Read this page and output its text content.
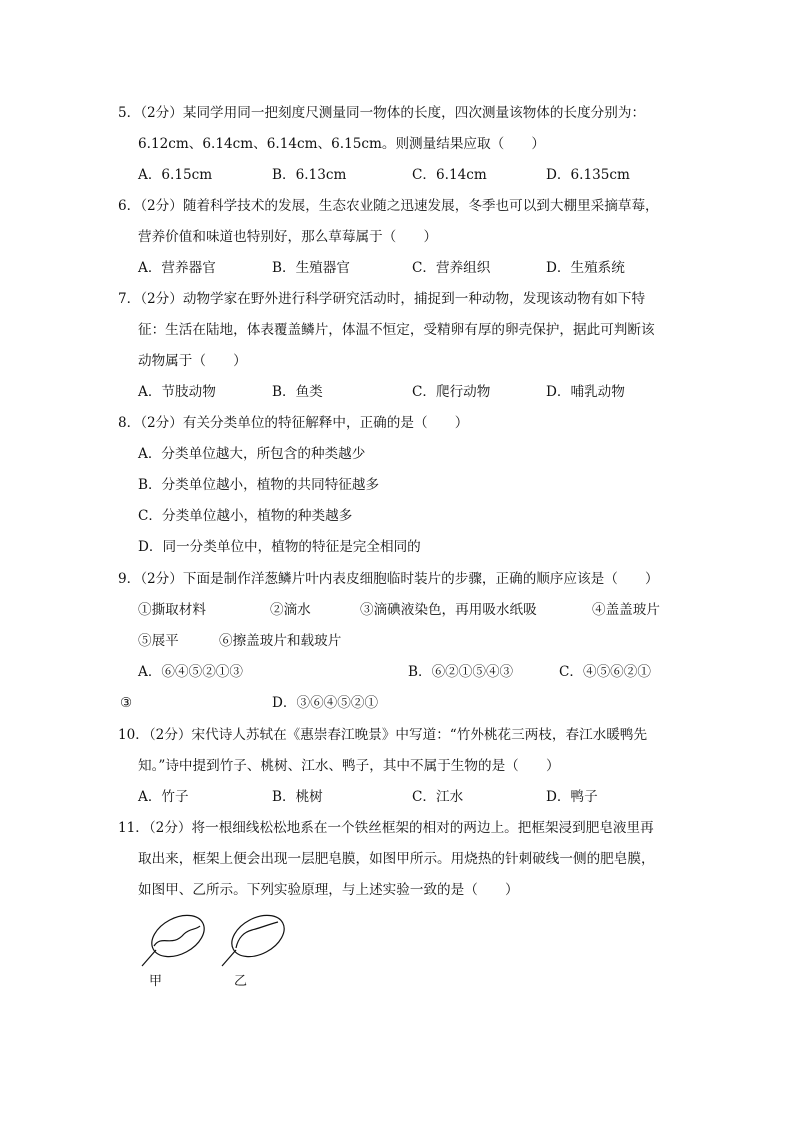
5．（2分）某同学用同一把刻度尺测量同一物体的长度，四次测量该物体的长度分别为：
6.12cm、6.14cm、6.14cm、6.15cm。则测量结果应取（　　）
A．6.15cm	B．6.13cm	C．6.14cm	D．6.135cm
6．（2分）随着科学技术的发展，生态农业随之迅速发展，冬季也可以到大棚里采摘草莓，
营养价值和味道也特别好，那么草莓属于（　　）
A．营养器官	B．生殖器官	C．营养组织	D．生殖系统
7．（2分）动物学家在野外进行科学研究活动时，捕捉到一种动物，发现该动物有如下特
征：生活在陆地，体表覆盖鳞片，体温不恒定，受精卵有厚的卵壳保护，据此可判断该
动物属于（　　）
A．节肢动物	B．鱼类	C．爬行动物	D．哺乳动物
8．（2分）有关分类单位的特征解释中，正确的是（　　）
A．分类单位越大，所包含的种类越少
B．分类单位越小，植物的共同特征越多
C．分类单位越小，植物的种类越多
D．同一分类单位中，植物的特征是完全相同的
9．（2分）下面是制作洋葱鳞片叶内表皮细胞临时装片的步骤，正确的顺序应该是（　　）
①撕取材料	②滴水	③滴碘液染色，再用吸水纸吸	④盖盖玻片
⑤展平	⑥擦盖玻片和载玻片
A．⑥④⑤②①③	B．⑥②①⑤④③	C．④⑤⑥②①
③	D．③⑥④⑤②①
10．（2分）宋代诗人苏轼在《惠崇春江晚景》中写道：“竹外桃花三两枝，春江水暖鸭先
知。”诗中提到竹子、桃树、江水、鸭子，其中不属于生物的是（　　）
A．竹子	B．桃树	C．江水	D．鸭子
11．（2分）将一根细线松松地系在一个铁丝框架的相对的两边上。把框架浸到肥皂液里再
取出来，框架上便会出现一层肥皂膜，如图甲所示。用烧热的针刺破线一侧的肥皂膜，
如图甲、乙所示。下列实验原理，与上述实验一致的是（　　）
甲	乙
